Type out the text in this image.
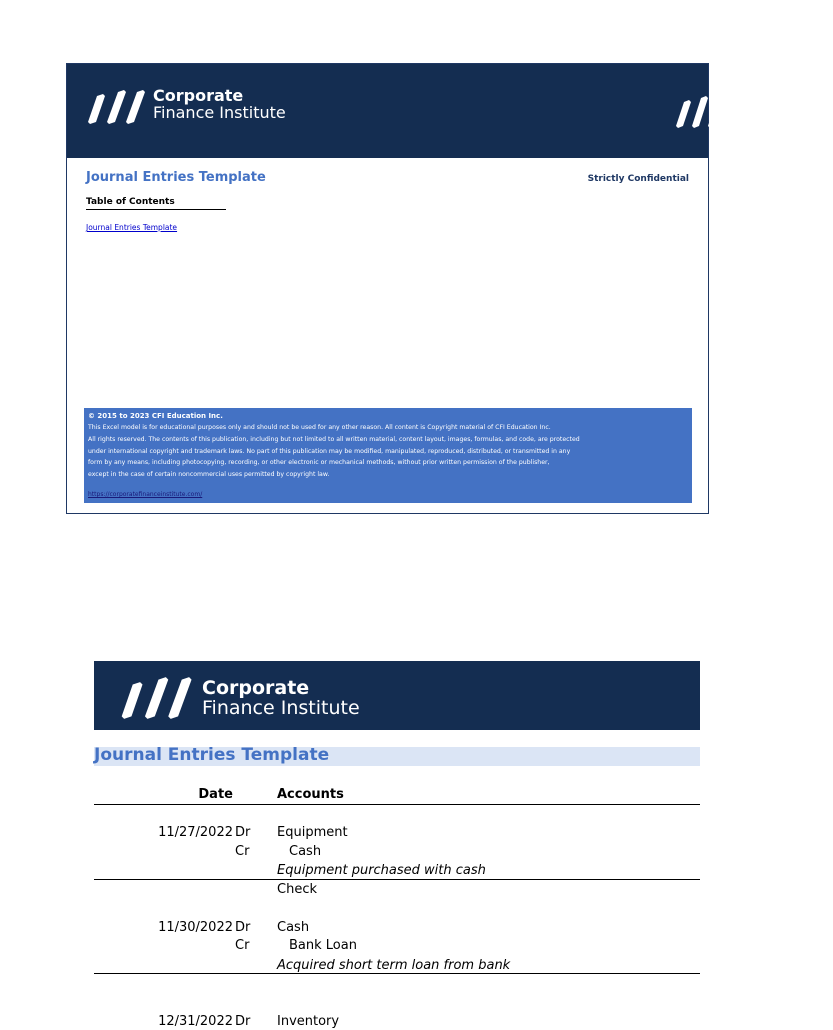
Corporate
Finance Institute	macabacus®
by CFI
Journal Entries Template	Strictly Confidential
Table of Contents
Journal Entries Template
© 2015 to 2023 CFI Education Inc.
This Excel model is for educational purposes only and should not be used for any other reason. All content is Copyright material of CFI Education Inc.
All rights reserved. The contents of this publication, including but not limited to all written material, content layout, images, formulas, and code, are protected
under international copyright and trademark laws. No part of this publication may be modified, manipulated, reproduced, distributed, or transmitted in any
form by any means, including photocopying, recording, or other electronic or mechanical methods, without prior written permission of the publisher,
except in the case of certain noncommercial uses permitted by copyright law.
https://corporatefinanceinstitute.com/
Corporate
Finance Institute
Journal Entries Template
Date	Accounts
11/27/2022 Dr Equipment
Cr	Cash
Equipment purchased with cash
Check
11/30/2022 Dr Cash
Cr	Bank Loan
Acquired short term loan from bank
12/31/2022 Dr Inventory
